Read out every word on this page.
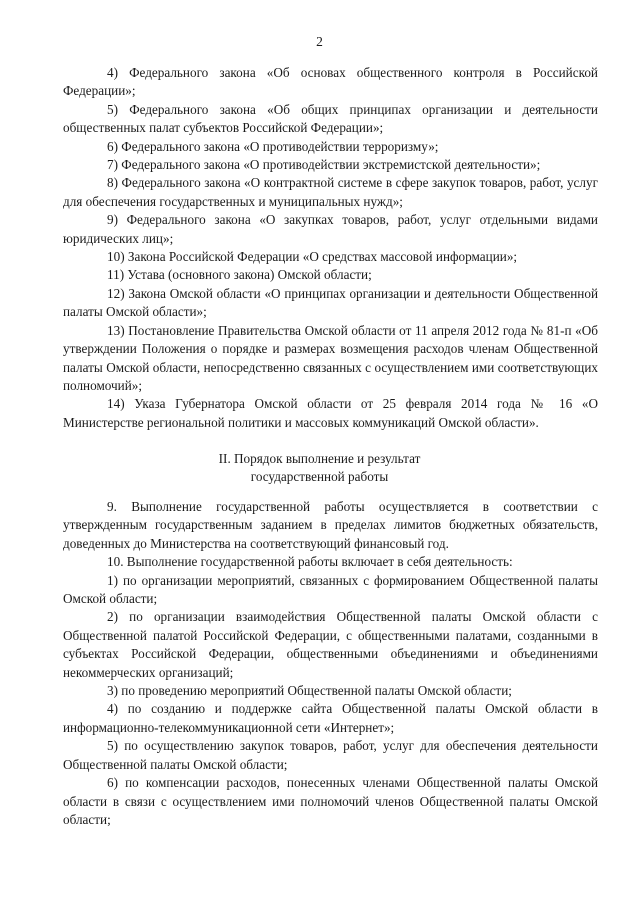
2

4) Федерального закона «Об основах общественного контроля в Российской Федерации»;

5) Федерального закона «Об общих принципах организации и деятельности общественных палат субъектов Российской Федерации»;

6) Федерального закона «О противодействии терроризму»;

7) Федерального закона «О противодействии экстремистской деятельности»;

8) Федерального закона «О контрактной системе в сфере закупок товаров, работ, услуг для обеспечения государственных и муниципальных нужд»;

9) Федерального закона «О закупках товаров, работ, услуг отдельными видами юридических лиц»;

10) Закона Российской Федерации «О средствах массовой информации»;

11) Устава (основного закона) Омской области;

12) Закона Омской области «О принципах организации и деятельности Общественной палаты Омской области»;

13) Постановление Правительства Омской области от 11 апреля 2012 года № 81-п «Об утверждении Положения о порядке и размерах возмещения расходов членам Общественной палаты Омской области, непосредственно связанных с осуществлением ими соответствующих полномочий»;

14) Указа Губернатора Омской области от 25 февраля 2014 года № 16 «О Министерстве региональной политики и массовых коммуникаций Омской области».

II. Порядок выполнение и результат
государственной работы

9. Выполнение государственной работы осуществляется в соответствии с утвержденным государственным заданием в пределах лимитов бюджетных обязательств, доведенных до Министерства на соответствующий финансовый год.

10. Выполнение государственной работы включает в себя деятельность:

1) по организации мероприятий, связанных с формированием Общественной палаты Омской области;

2) по организации взаимодействия Общественной палаты Омской области с Общественной палатой Российской Федерации, с общественными палатами, созданными в субъектах Российской Федерации, общественными объединениями и объединениями некоммерческих организаций;

3) по проведению мероприятий Общественной палаты Омской области;

4) по созданию и поддержке сайта Общественной палаты Омской области в информационно-телекоммуникационной сети «Интернет»;

5) по осуществлению закупок товаров, работ, услуг для обеспечения деятельности Общественной палаты Омской области;

6) по компенсации расходов, понесенных членами Общественной палаты Омской области в связи с осуществлением ими полномочий членов Общественной палаты Омской области;
